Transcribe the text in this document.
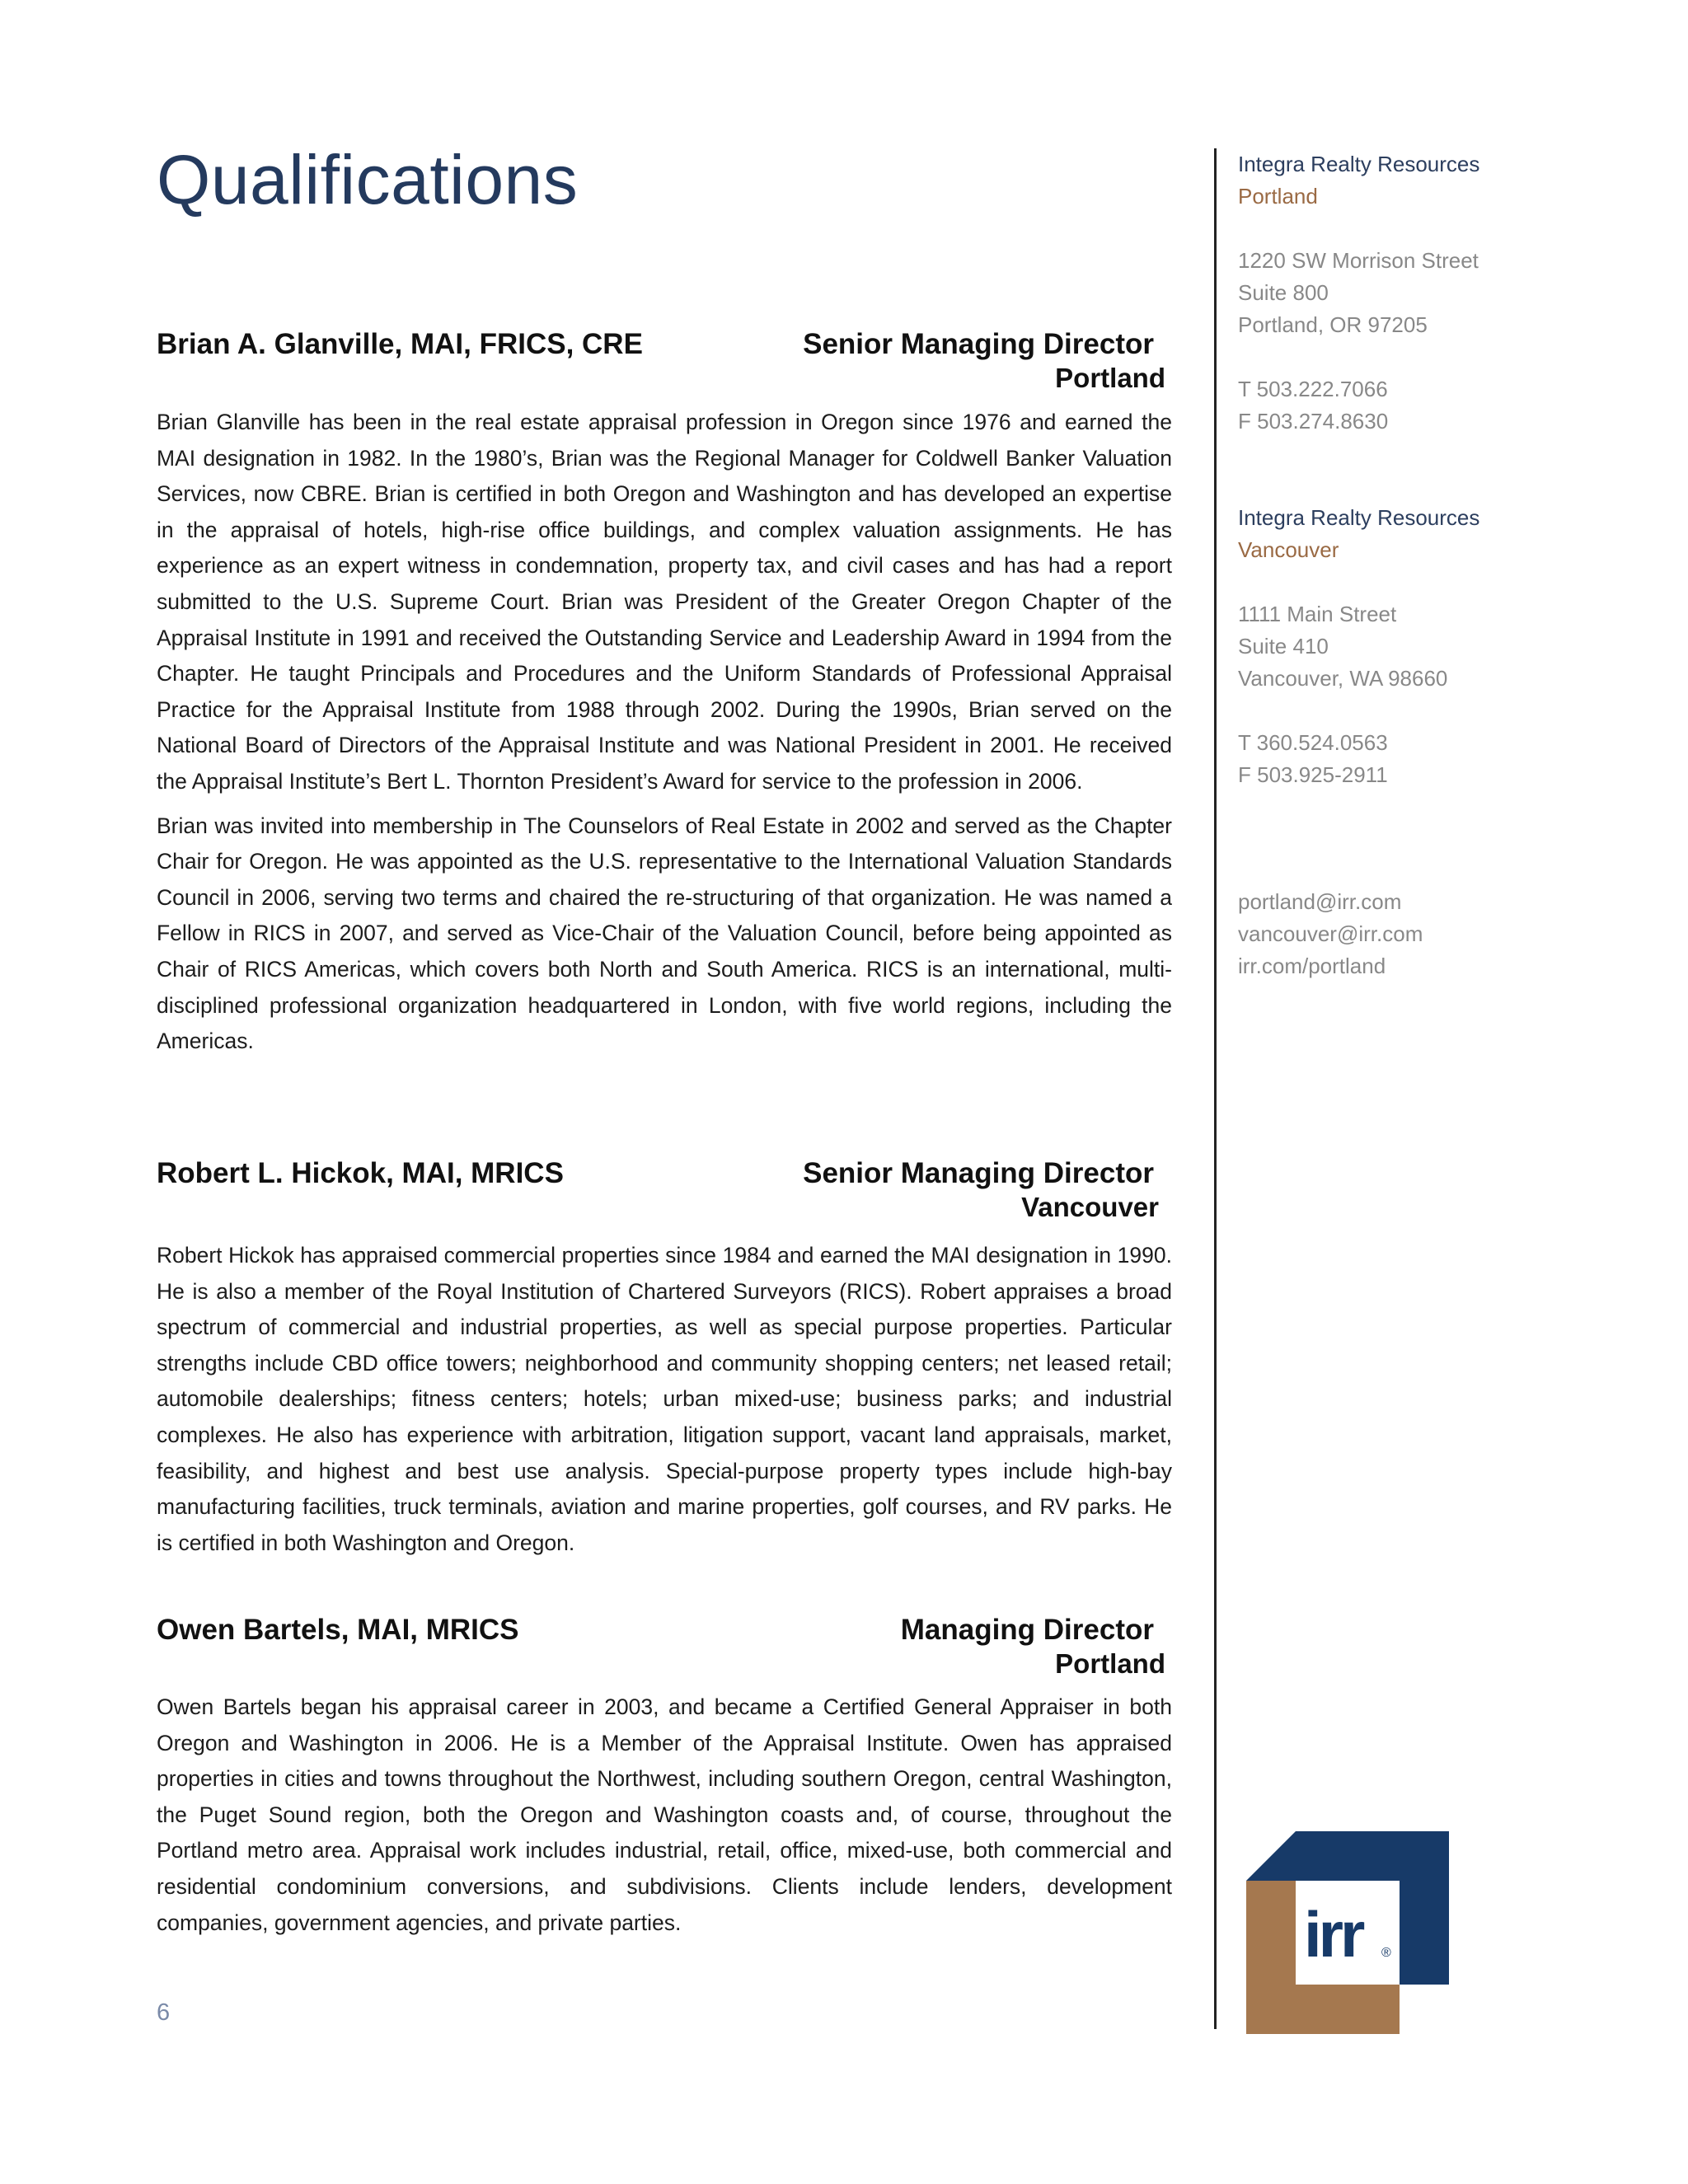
Qualifications
Brian A. Glanville, MAI, FRICS, CRE	Senior Managing Director
Portland

Brian Glanville has been in the real estate appraisal profession in Oregon since 1976 and earned the MAI designation in 1982. In the 1980’s, Brian was the Regional Manager for Coldwell Banker Valuation Services, now CBRE. Brian is certified in both Oregon and Washington and has developed an expertise in the appraisal of hotels, high-rise office buildings, and complex valuation assignments. He has experience as an expert witness in condemnation, property tax, and civil cases and has had a report submitted to the U.S. Supreme Court. Brian was President of the Greater Oregon Chapter of the Appraisal Institute in 1991 and received the Outstanding Service and Leadership Award in 1994 from the Chapter. He taught Principals and Procedures and the Uniform Standards of Professional Appraisal Practice for the Appraisal Institute from 1988 through 2002. During the 1990s, Brian served on the National Board of Directors of the Appraisal Institute and was National President in 2001. He received the Appraisal Institute’s Bert L. Thornton President’s Award for service to the profession in 2006.

Brian was invited into membership in The Counselors of Real Estate in 2002 and served as the Chapter Chair for Oregon. He was appointed as the U.S. representative to the International Valuation Standards Council in 2006, serving two terms and chaired the re-structuring of that organization. He was named a Fellow in RICS in 2007, and served as Vice-Chair of the Valuation Council, before being appointed as Chair of RICS Americas, which covers both North and South America. RICS is an international, multi-disciplined professional organization headquartered in London, with five world regions, including the Americas.

Robert L. Hickok, MAI, MRICS	Senior Managing Director
Vancouver

Robert Hickok has appraised commercial properties since 1984 and earned the MAI designation in 1990. He is also a member of the Royal Institution of Chartered Surveyors (RICS). Robert appraises a broad spectrum of commercial and industrial properties, as well as special purpose properties. Particular strengths include CBD office towers; neighborhood and community shopping centers; net leased retail; automobile dealerships; fitness centers; hotels; urban mixed-use; business parks; and industrial complexes. He also has experience with arbitration, litigation support, vacant land appraisals, market, feasibility, and highest and best use analysis. Special-purpose property types include high-bay manufacturing facilities, truck terminals, aviation and marine properties, golf courses, and RV parks. He is certified in both Washington and Oregon.

Owen Bartels, MAI, MRICS	Managing Director
Portland

Owen Bartels began his appraisal career in 2003, and became a Certified General Appraiser in both Oregon and Washington in 2006. He is a Member of the Appraisal Institute. Owen has appraised properties in cities and towns throughout the Northwest, including southern Oregon, central Washington, the Puget Sound region, both the Oregon and Washington coasts and, of course, throughout the Portland metro area. Appraisal work includes industrial, retail, office, mixed-use, both commercial and residential condominium conversions, and subdivisions. Clients include lenders, development companies, government agencies, and private parties.

Integra Realty Resources
Portland
1220 SW Morrison Street
Suite 800
Portland, OR 97205
T 503.222.7066
F 503.274.8630
Integra Realty Resources
Vancouver
1111 Main Street
Suite 410
Vancouver, WA 98660
T 360.524.0563
F 503.925-2911
portland@irr.com
vancouver@irr.com
irr.com/portland
irr ®
6
